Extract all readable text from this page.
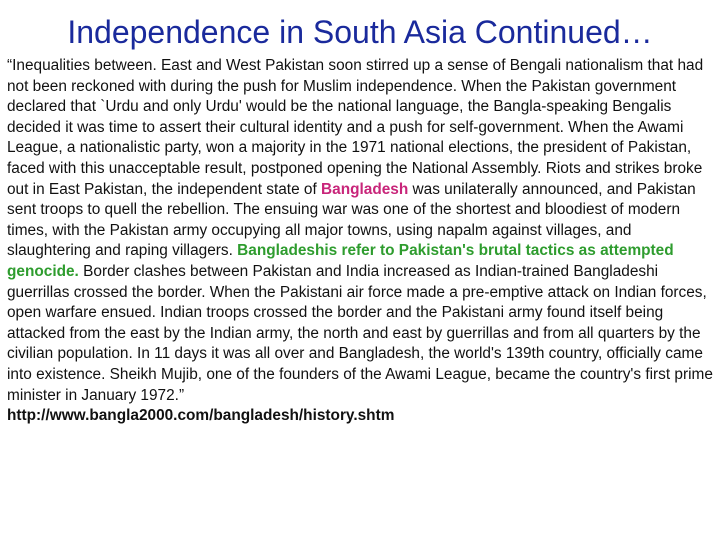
Independence in South Asia Continued…

“Inequalities between. East and West Pakistan soon stirred up a sense of Bengali nationalism that had not been reckoned with during the push for Muslim independence. When the Pakistan government declared that `Urdu and only Urdu' would be the national language, the Bangla-speaking Bengalis decided it was time to assert their cultural identity and a push for self-government. When the Awami League, a nationalistic party, won a majority in the 1971 national elections, the president of Pakistan, faced with this unacceptable result, postponed opening the National Assembly. Riots and strikes broke out in East Pakistan, the independent state of Bangladesh was unilaterally announced, and Pakistan sent troops to quell the rebellion. The ensuing war was one of the shortest and bloodiest of modern times, with the Pakistan army occupying all major towns, using napalm against villages, and slaughtering and raping villagers. Bangladeshis refer to Pakistan's brutal tactics as attempted genocide. Border clashes between Pakistan and India increased as Indian-trained Bangladeshi guerrillas crossed the border. When the Pakistani air force made a pre-emptive attack on Indian forces, open warfare ensued. Indian troops crossed the border and the Pakistani army found itself being attacked from the east by the Indian army, the north and east by guerrillas and from all quarters by the civilian population. In 11 days it was all over and Bangladesh, the world's 139th country, officially came into existence. Sheikh Mujib, one of the founders of the Awami League, became the country's first prime minister in January 1972.”
http://www.bangla2000.com/bangladesh/history.shtm
